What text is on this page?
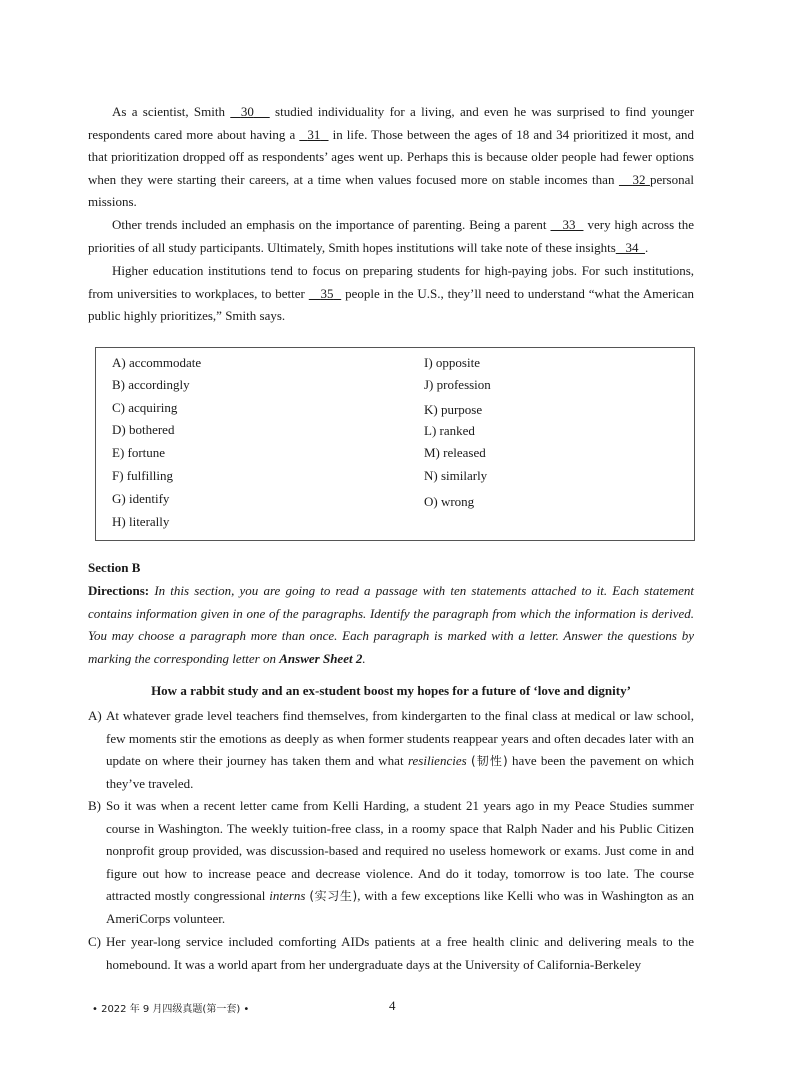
As a scientist, Smith 30 studied individuality for a living, and even he was surprised to find younger respondents cared more about having a 31 in life. Those between the ages of 18 and 34 prioritized it most, and that prioritization dropped off as respondents’ ages went up. Perhaps this is because older people had fewer options when they were starting their careers, at a time when values focused more on stable incomes than 32 personal missions.

Other trends included an emphasis on the importance of parenting. Being a parent 33 very high across the priorities of all study participants. Ultimately, Smith hopes institutions will take note of these insights 34 .

Higher education institutions tend to focus on preparing students for high-paying jobs. For such institutions, from universities to workplaces, to better 35 people in the U.S., they’ll need to understand “what the American public highly prioritizes,” Smith says.

A) accommodate
B) accordingly
C) acquiring
D) bothered
E) fortune
F) fulfilling
G) identify
H) literally
I) opposite
J) profession
K) purpose
L) ranked
M) released
N) similarly
O) wrong
Section B

Directions: In this section, you are going to read a passage with ten statements attached to it. Each statement contains information given in one of the paragraphs. Identify the paragraph from which the information is derived. You may choose a paragraph more than once. Each paragraph is marked with a letter. Answer the questions by marking the corresponding letter on Answer Sheet 2.

How a rabbit study and an ex-student boost my hopes for a future of ‘love and dignity’

A) At whatever grade level teachers find themselves, from kindergarten to the final class at medical or law school, few moments stir the emotions as deeply as when former students reappear years and often decades later with an update on where their journey has taken them and what resiliencies (韧性) have been the pavement on which they’ve traveled.

B) So it was when a recent letter came from Kelli Harding, a student 21 years ago in my Peace Studies summer course in Washington. The weekly tuition-free class, in a roomy space that Ralph Nader and his Public Citizen nonprofit group provided, was discussion-based and required no useless homework or exams. Just come in and figure out how to increase peace and decrease violence. And do it today, tomorrow is too late. The course attracted mostly congressional interns (实习生), with a few exceptions like Kelli who was in Washington as an AmeriCorps volunteer.

C) Her year-long service included comforting AIDs patients at a free health clinic and delivering meals to the homebound. It was a world apart from her undergraduate days at the University of California-Berkeley

• 2022 年 9 月四级真题(第一套) •	4
